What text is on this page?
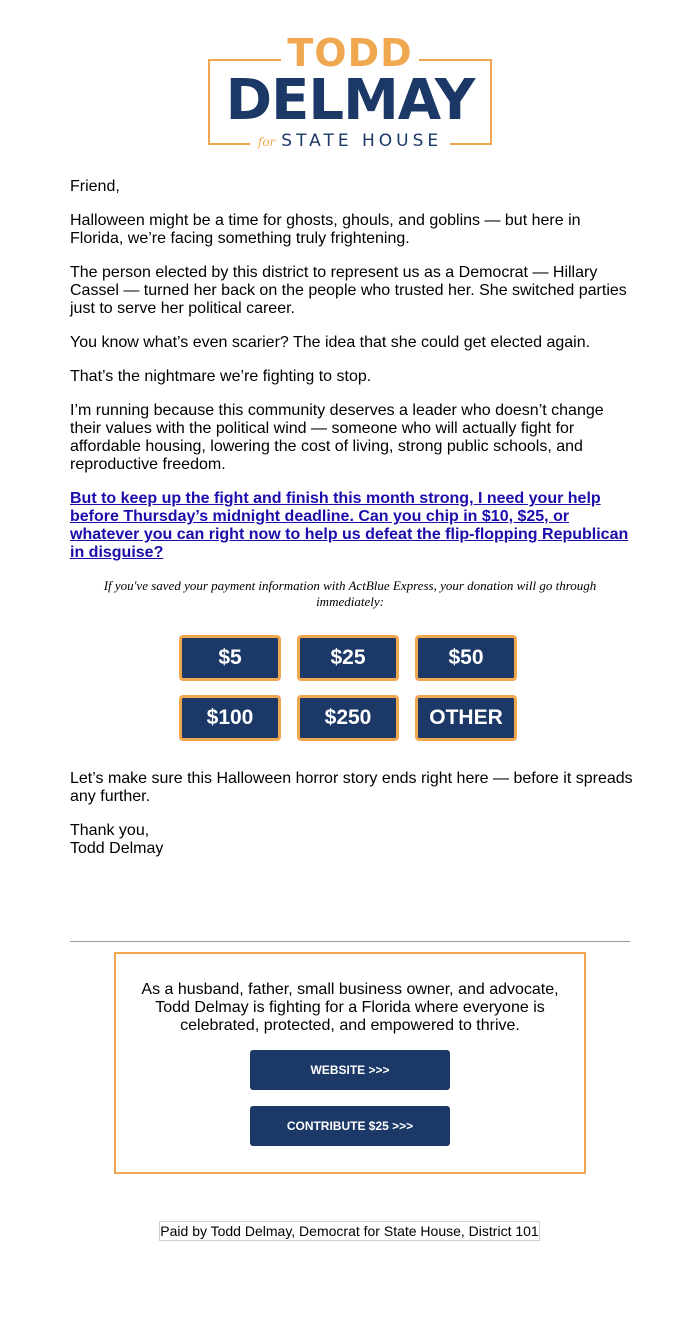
TODD
DELMAY
for STATE HOUSE

Friend,

Halloween might be a time for ghosts, ghouls, and goblins — but here in Florida, we’re facing something truly frightening.

The person elected by this district to represent us as a Democrat — Hillary Cassel — turned her back on the people who trusted her. She switched parties just to serve her political career.

You know what’s even scarier? The idea that she could get elected again.

That’s the nightmare we’re fighting to stop.

I’m running because this community deserves a leader who doesn’t change their values with the political wind — someone who will actually fight for affordable housing, lowering the cost of living, strong public schools, and reproductive freedom.

But to keep up the fight and finish this month strong, I need your help before Thursday’s midnight deadline. Can you chip in $10, $25, or whatever you can right now to help us defeat the flip-flopping Republican in disguise?
If you've saved your payment information with ActBlue Express, your donation will go through immediately:
$5	$25	$50
$100	$250	OTHER

Let’s make sure this Halloween horror story ends right here — before it spreads any further.

Thank you,

Todd Delmay

As a husband, father, small business owner, and advocate, Todd Delmay is fighting for a Florida where everyone is celebrated, protected, and empowered to thrive.
WEBSITE >>>
CONTRIBUTE $25 >>>
Paid by Todd Delmay, Democrat for State House, District 101
